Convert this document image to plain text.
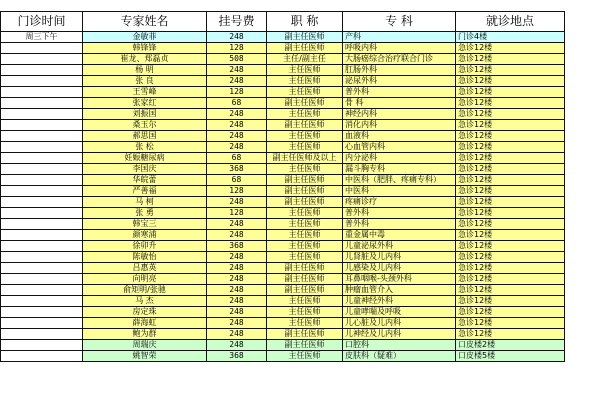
门诊时间	专家姓名	挂号费	职 称	专 科	就诊地点
周三下午	金敏菲	248	副主任医师	产科	门诊4楼
	韩锋锋	128	副主任医师	呼吸内科	急诊12楼
	崔龙、郑磊贞	508	主任/副主任	大肠癌综合治疗联合门诊	急诊12楼
	杨 明	248	主任医师	肛肠外科	急诊12楼
	张 良	248	主任医师	泌尿外科	急诊12楼
	王雪峰	128	主任医师	普外科	急诊12楼
	张家红	68	副主任医师	骨 科	急诊12楼
	刘振国	248	主任医师	神经内科	急诊12楼
	桑玉尔	248	副主任医师	消化内科	急诊12楼
	郝思国	248	主任医师	血液科	急诊12楼
	张 松	248	主任医师	心血管内科	急诊12楼
	妊娠糖尿病	68	副主任医师及以上	内分泌科	急诊12楼
	李国庆	368	主任医师	漏斗胸专科	急诊12楼
	华皖蕾	68	副主任医师	中医科（肥胖、疼痛专科）	急诊12楼
	严善福	128	副主任医师	中医科	急诊12楼
	马 柯	248	副主任医师	疼痛诊疗	急诊12楼
	张 勇	128	主任医师	普外科	急诊12楼
	韩宝三	248	主任医师	普外科	急诊12楼
	颜寒浦	248	主任医师	重金属中毒	急诊12楼
	徐卯升	368	主任医师	儿童泌尿外科	急诊12楼
	陈敏怡	248	主任医师	儿肾脏及儿内科	急诊12楼
	吕惠英	248	副主任医师	儿感染及儿内科	急诊12楼
	向明亮	248	副主任医师	耳鼻咽喉-头颈外科	急诊12楼
	俞矩明/张驰	248	副主任医师	肿瘤血管介入	急诊12楼
	马 杰	248	主任医师	儿童神经外科	急诊12楼
	房定珠	248	主任医师	儿童哮喘及呼吸	急诊12楼
	薛海虹	248	主任医师	儿心脏及儿内科	急诊12楼
	鲍为群	248	副主任医师	儿神经及儿内科	急诊12楼
	周瑞庆	248	副主任医师	口腔科	口皮楼2楼
	姚智荣	368	主任医师	皮肤科（疑难）	口皮楼5楼
